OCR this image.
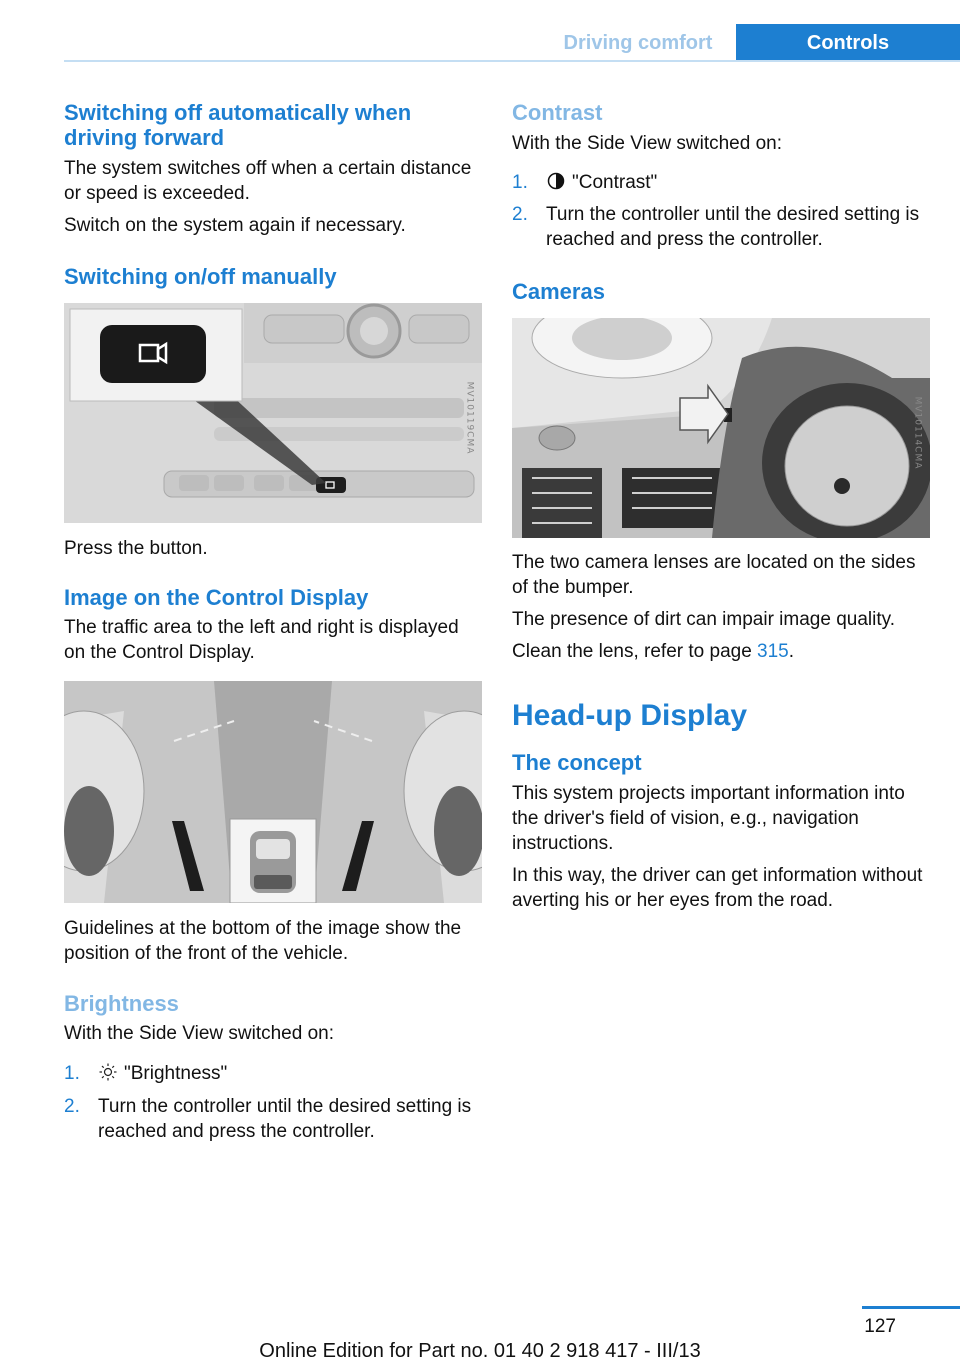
Driving comfort	Controls
Switching off automatically when driving forward

The system switches off when a certain distance or speed is exceeded.

Switch on the system again if necessary.

Switching on/off manually
MV10119CMA

Press the button.

Image on the Control Display

The traffic area to the left and right is displayed on the Control Display.

Guidelines at the bottom of the image show the position of the front of the vehicle.

Brightness

With the Side View switched on:

1. "Brightness"
2. Turn the controller until the desired setting is reached and press the controller.
Contrast

With the Side View switched on:

1. "Contrast"
2. Turn the controller until the desired setting is reached and press the controller.
Cameras
MV10114CMA

The two camera lenses are located on the sides of the bumper.

The presence of dirt can impair image quality.

Clean the lens, refer to page 315.

Head-up Display
The concept

This system projects important information into the driver's field of vision, e.g., navigation instructions.

In this way, the driver can get information without averting his or her eyes from the road.

127
Online Edition for Part no. 01 40 2 918 417 - III/13
